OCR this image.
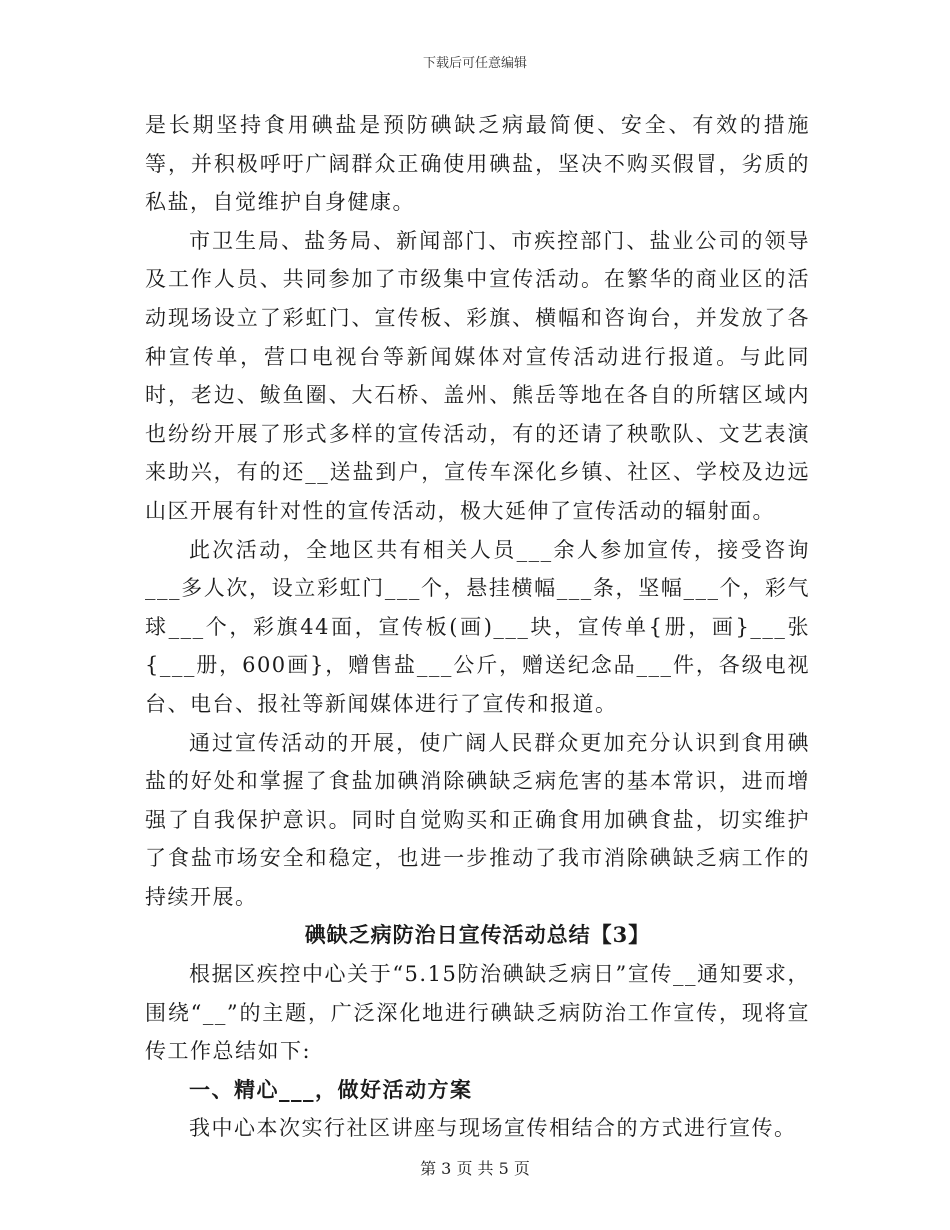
下载后可任意编辑

是长期坚持食用碘盐是预防碘缺乏病最简便、安全、有效的措施等，并积极呼吁广阔群众正确使用碘盐，坚决不购买假冒，劣质的私盐，自觉维护自身健康。

市卫生局、盐务局、新闻部门、市疾控部门、盐业公司的领导及工作人员、共同参加了市级集中宣传活动。在繁华的商业区的活动现场设立了彩虹门、宣传板、彩旗、横幅和咨询台，并发放了各种宣传单，营口电视台等新闻媒体对宣传活动进行报道。与此同时，老边、鲅鱼圈、大石桥、盖州、熊岳等地在各自的所辖区域内也纷纷开展了形式多样的宣传活动，有的还请了秧歌队、文艺表演来助兴，有的还__送盐到户，宣传车深化乡镇、社区、学校及边远山区开展有针对性的宣传活动，极大延伸了宣传活动的辐射面。

此次活动，全地区共有相关人员___余人参加宣传，接受咨询___多人次，设立彩虹门___个，悬挂横幅___条，坚幅___个，彩气球___个，彩旗44面，宣传板(画)___块，宣传单{册，画}___张{___册，600画}，赠售盐___公斤，赠送纪念品___件，各级电视台、电台、报社等新闻媒体进行了宣传和报道。

通过宣传活动的开展，使广阔人民群众更加充分认识到食用碘盐的好处和掌握了食盐加碘消除碘缺乏病危害的基本常识，进而增强了自我保护意识。同时自觉购买和正确食用加碘食盐，切实维护了食盐市场安全和稳定，也进一步推动了我市消除碘缺乏病工作的持续开展。

碘缺乏病防治日宣传活动总结【3】

根据区疾控中心关于“5.15防治碘缺乏病日”宣传__通知要求，围绕“__”的主题，广泛深化地进行碘缺乏病防治工作宣传，现将宣传工作总结如下:

一、精心___，做好活动方案

我中心本次实行社区讲座与现场宣传相结合的方式进行宣传。

第 3 页 共 5 页
